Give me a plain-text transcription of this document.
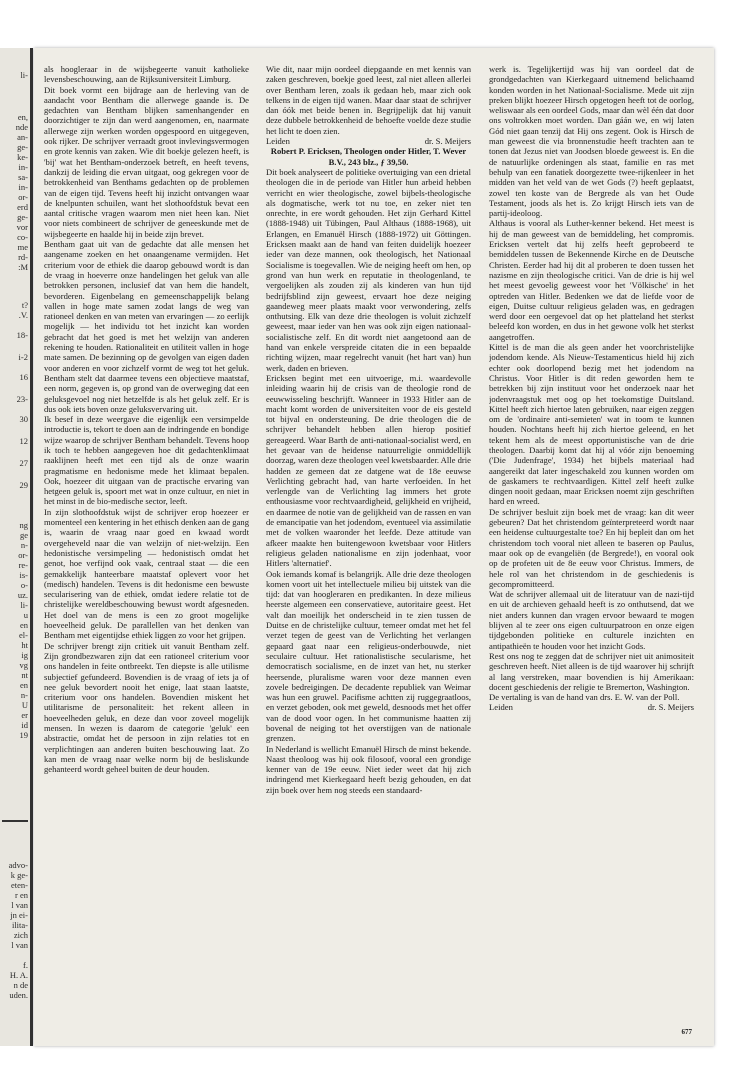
li-
en,
nde
an-
ge-
ke-
in-
sa-
in-
or-
erd
ge-
vor
co-
me
rd-
:M
t?
.V.
18-
i-2
16
23-
30
12
27
29
ng
ge
n-
or-
re-
is-
o-
uz.
li-
u
en
el-
ht
ig
vg
nt
en
n-
U
er
id
19
advo-
k ge-
eten-
r en
l van
jn ei-
ilita-
zich
l van

f.
H. A.
n de
uden.

als hoogleraar in de wijsbegeerte vanuit katholieke levensbeschouwing, aan de Rijksuniversiteit Limburg.

Dit boek vormt een bijdrage aan de herleving van de aandacht voor Bentham die allerwege gaande is. De gedachten van Bentham blijken samenhangender en doorzichtiger te zijn dan werd aangenomen, en, naarmate allerwege zijn werken worden opgespoord en uitgegeven, ook rijker. De schrijver verraadt groot invlevingsvermogen en grote kennis van zaken. Wie dit boekje gelezen heeft, is 'bij' wat het Bentham-onderzoek betreft, en heeft tevens, dankzij de leiding die ervan uitgaat, oog gekregen voor de betrokkenheid van Benthams gedachten op de problemen van de eigen tijd. Tevens heeft hij inzicht ontvangen waar de knelpunten schuilen, want het slothoofdstuk bevat een aantal critische vragen waarom men niet heen kan. Niet voor niets combineert de schrijver de geneeskunde met de wijsbegeerte en haalde hij in beide zijn brevet.

Bentham gaat uit van de gedachte dat alle mensen het aangename zoeken en het onaangename vermijden. Het criterium voor de ethiek die daarop gebouwd wordt is dan de vraag in hoeverre onze handelingen het geluk van alle betrokken personen, inclusief dat van hem die handelt, bevorderen. Eigenbelang en gemeenschappelijk belang vallen in hoge mate samen zodat langs de weg van rationeel denken en van meten van ervaringen — zo eerlijk mogelijk — het individu tot het inzicht kan worden gebracht dat het goed is met het welzijn van anderen rekening te houden. Rationaliteit en utiliteit vallen in hoge mate samen. De bezinning op de gevolgen van eigen daden voor anderen en voor zichzelf vormt de weg tot het geluk. Bentham stelt dat daarmee tevens een objectieve maatstaf, een norm, gegeven is, op grond van de overweging dat een geluksgevoel nog niet hetzelfde is als het geluk zelf. Er is dus ook iets boven onze geluksvervaring uit.

Ik besef in deze weergave die eigenlijk een versimpelde introductie is, tekort te doen aan de indringende en bondige wijze waarop de schrijver Bentham behandelt. Tevens hoop ik toch te hebben aangegeven hoe dit gedachtenklimaat raaklijnen heeft met een tijd als de onze waarin pragmatisme en hedonisme mede het klimaat bepalen. Ook, hoezeer dit uitgaan van de practische ervaring van hetgeen geluk is, spoort met wat in onze cultuur, en niet in het minst in de bio-medische sector, leeft.

In zijn slothoofdstuk wijst de schrijver erop hoezeer er momenteel een kentering in het ethisch denken aan de gang is, waarin de vraag naar goed en kwaad wordt overgeheveld naar die van welzijn of niet-welzijn. Een hedonistische versimpeling — hedonistisch omdat het genot, hoe verfijnd ook vaak, centraal staat — die een gemakkelijk hanteerbare maatstaf oplevert voor het (medisch) handelen. Tevens is dit hedonisme een bewuste secularisering van de ethiek, omdat iedere relatie tot de christelijke wereldbeschouwing bewust wordt afgesneden. Het doel van de mens is een zo groot mogelijke hoeveelheid geluk. De parallellen van het denken van Bentham met eigentijdse ethiek liggen zo voor het grijpen.

De schrijver brengt zijn critiek uit vanuit Bentham zelf. Zijn grondbezwaren zijn dat een rationeel criterium voor ons handelen in feite ontbreekt. Ten diepste is alle utilisme subjectief gefundeerd. Bovendien is de vraag of iets ja of nee geluk bevordert nooit het enige, laat staan laatste, criterium voor ons handelen. Bovendien miskent het utilitarisme de personaliteit: het rekent alleen in hoeveelheden geluk, en deze dan voor zoveel mogelijk mensen. In wezen is daarom de categorie 'geluk' een abstractie, omdat het de persoon in zijn relaties tot en verplichtingen aan anderen buiten beschouwing laat. Zo kan men de vraag naar welke norm bij de besliskunde gehanteerd wordt geheel buiten de deur houden.

Wie dit, naar mijn oordeel diepgaande en met kennis van zaken geschreven, boekje goed leest, zal niet alleen allerlei over Bentham leren, zoals ik gedaan heb, maar zich ook telkens in de eigen tijd wanen. Maar daar staat de schrijver dan óók met beide benen in. Begrijpelijk dat hij vanuit deze dubbele betrokkenheid de behoefte voelde deze studie het licht te doen zien.

Leiden	dr. S. Meijers

Robert P. Ericksen, Theologen onder Hitler, T. Wever B.V., 243 blz., ƒ 39,50.

Dit boek analyseert de politieke overtuiging van een drietal theologen die in de periode van Hitler hun arbeid hebben verricht en wier theologische, zowel bijbels-theologische als dogmatische, werk tot nu toe, en zeker niet ten onrechte, in ere wordt gehouden. Het zijn Gerhard Kittel (1888-1948) uit Tübingen, Paul Althaus (1888-1968), uit Erlangen, en Emanuël Hirsch (1888-1972) uit Göttingen. Ericksen maakt aan de hand van feiten duidelijk hoezeer ieder van deze mannen, ook theologisch, het Nationaal Socialisme is toegevallen. Wie de neiging heeft om hen, op grond van hun werk en reputatie in theologenland, te vergoelijken als zouden zij als kinderen van hun tijd bedrijfsblind zijn geweest, ervaart hoe deze neiging gaandeweg meer plaats maakt voor verwondering, zelfs onthutsing. Elk van deze drie theologen is voluit zichzelf geweest, maar ieder van hen was ook zijn eigen nationaal-socialistische zelf. En dit wordt niet aangetoond aan de hand van enkele verspreide citaten die in een bepaalde richting wijzen, maar regelrecht vanuit (het hart van) hun werk, daden en brieven.

Ericksen begint met een uitvoerige, m.i. waardevolle inleiding waarin hij de crisis van de theologie rond de eeuwwisseling beschrijft. Wanneer in 1933 Hitler aan de macht komt worden de universiteiten voor de eis gesteld tot bijval en ondersteuning. De drie theologen die de schrijver behandelt hebben allen hierop positief gereageerd. Waar Barth de anti-nationaal-socialist werd, en het gevaar van de heidense natuurreligie onmiddellijk doorzag, waren deze theologen veel kwetsbaarder. Alle drie hadden ze gemeen dat ze datgene wat de 18e eeuwse Verlichting gebracht had, van harte verfoeiden. In het verlengde van de Verlichting lag immers het grote enthousiasme voor rechtvaardigheid, gelijkheid en vrijheid, en daarmee de notie van de gelijkheid van de rassen en van de emancipatie van het jodendom, eventueel via assimilatie met de volken waaronder het leefde. Deze attitude van afkeer maakte hen buitengewoon kwetsbaar voor Hitlers religieus geladen nationalisme en zijn jodenhaat, voor Hitlers 'alternatief'.

Ook iemands komaf is belangrijk. Alle drie deze theologen komen voort uit het intellectuele milieu bij uitstek van die tijd: dat van hoogleraren en predikanten. In deze milieus heerste algemeen een conservatieve, autoritaire geest. Het valt dan moeilijk het onderscheid in te zien tussen de Duitse en de christelijke cultuur, temeer omdat met het fel verzet tegen de geest van de Verlichting het verlangen gepaard gaat naar een religieus-onderbouwde, niet seculaire cultuur. Het rationalistische secularisme, het democratisch socialisme, en de inzet van het, nu sterker heersende, pluralisme waren voor deze mannen even zovele bedreigingen. De decadente republiek van Weimar was hun een gruwel. Pacifisme achtten zij ruggegraatloos, en verzet geboden, ook met geweld, desnoods met het offer van de dood voor ogen. In het communisme haatten zij bovenal de neiging tot het overstijgen van de nationale grenzen.

In Nederland is wellicht Emanuël Hirsch de minst bekende. Naast theoloog was hij ook filosoof, vooral een grondige kenner van de 19e eeuw. Niet ieder weet dat hij zich indringend met Kierkegaard heeft bezig gehouden, en dat zijn boek over hem nog steeds een standaard-

werk is. Tegelijkertijd was hij van oordeel dat de grondgedachten van Kierkegaard uitnemend belichaamd konden worden in het Nationaal-Socialisme. Mede uit zijn preken blijkt hoezeer Hirsch opgetogen heeft tot de oorlog, weliswaar als een oordeel Gods, maar dan wèl één dat door ons voltrokken moet worden. Dan gáán we, en wij laten Gód niet gaan tenzij dat Hij ons zegent. Ook is Hirsch de man geweest die via bronnenstudie heeft trachten aan te tonen dat Jezus niet van Joodsen bloede geweest is. En die de natuurlijke ordeningen als staat, familie en ras met behulp van een fanatiek doorgezette twee-rijkenleer in het midden van het veld van de wet Gods (?) heeft geplaatst, zowel ten koste van de Bergrede als van het Oude Testament, joods als het is. Zo krijgt Hirsch iets van de partij-ideoloog.

Althaus is vooral als Luther-kenner bekend. Het meest is hij de man geweest van de bemiddeling, het compromis. Ericksen vertelt dat hij zelfs heeft geprobeerd te bemiddelen tussen de Bekennende Kirche en de Deutsche Christen. Eerder had hij dit al proberen te doen tussen het nazisme en zijn theologische critici. Van de drie is hij wel het meest gevoelig geweest voor het 'Völkische' in het optreden van Hitler. Bedenken we dat de liefde voor de eigen, Duitse cultuur religieus geladen was, en gedragen werd door een oergevoel dat op het platteland het sterkst beleefd kon worden, en dus in het gewone volk het sterkst aangetroffen.

Kittel is de man die als geen ander het voorchristelijke jodendom kende. Als Nieuw-Testamenticus hield hij zich echter ook doorlopend bezig met het jodendom na Christus. Voor Hitler is dit reden geworden hem te betrekken bij zijn instituut voor het onderzoek naar het jodenvraagstuk met oog op het toekomstige Duitsland. Kittel heeft zich hiertoe laten gebruiken, naar eigen zeggen om de 'ordinaire anti-semieten' wat in toom te kunnen houden. Nochtans heeft hij zich hiertoe geleend, en het tekent hem als de meest opportunistische van de drie theologen. Daarbij komt dat hij al vóór zijn benoeming ('Die Judenfrage', 1934) het bijbels materiaal had aangereikt dat later ingeschakeld zou kunnen worden om de gaskamers te rechtvaardigen. Kittel zelf heeft zulke dingen nooit gedaan, maar Ericksen noemt zijn geschriften hard en wreed.

De schrijver besluit zijn boek met de vraag: kan dit weer gebeuren? Dat het christendom geïnterpreteerd wordt naar een heidense cultuurgestalte toe? En hij bepleit dan om het christendom toch vooral niet alleen te baseren op Paulus, maar ook op de evangeliën (de Bergrede!), en vooral ook op de profeten uit de 8e eeuw voor Christus. Immers, de hele rol van het christendom in de geschiedenis is gecompromitteerd.

Wat de schrijver allemaal uit de literatuur van de nazi-tijd en uit de archieven gehaald heeft is zo onthutsend, dat we niet anders kunnen dan vragen ervoor bewaard te mogen blijven al te zeer ons eigen cultuurpatroon en onze eigen tijdgebonden politieke en culturele inzichten en antipathieën te houden voor het inzicht Gods.

Rest ons nog te zeggen dat de schrijver niet uit animositeit geschreven heeft. Niet alleen is de tijd waarover hij schrijft al lang verstreken, maar bovendien is hij Amerikaan: docent geschiedenis der religie te Bremerton, Washington.

De vertaling is van de hand van drs. E. W. van der Poll.

Leiden	dr. S. Meijers
677
